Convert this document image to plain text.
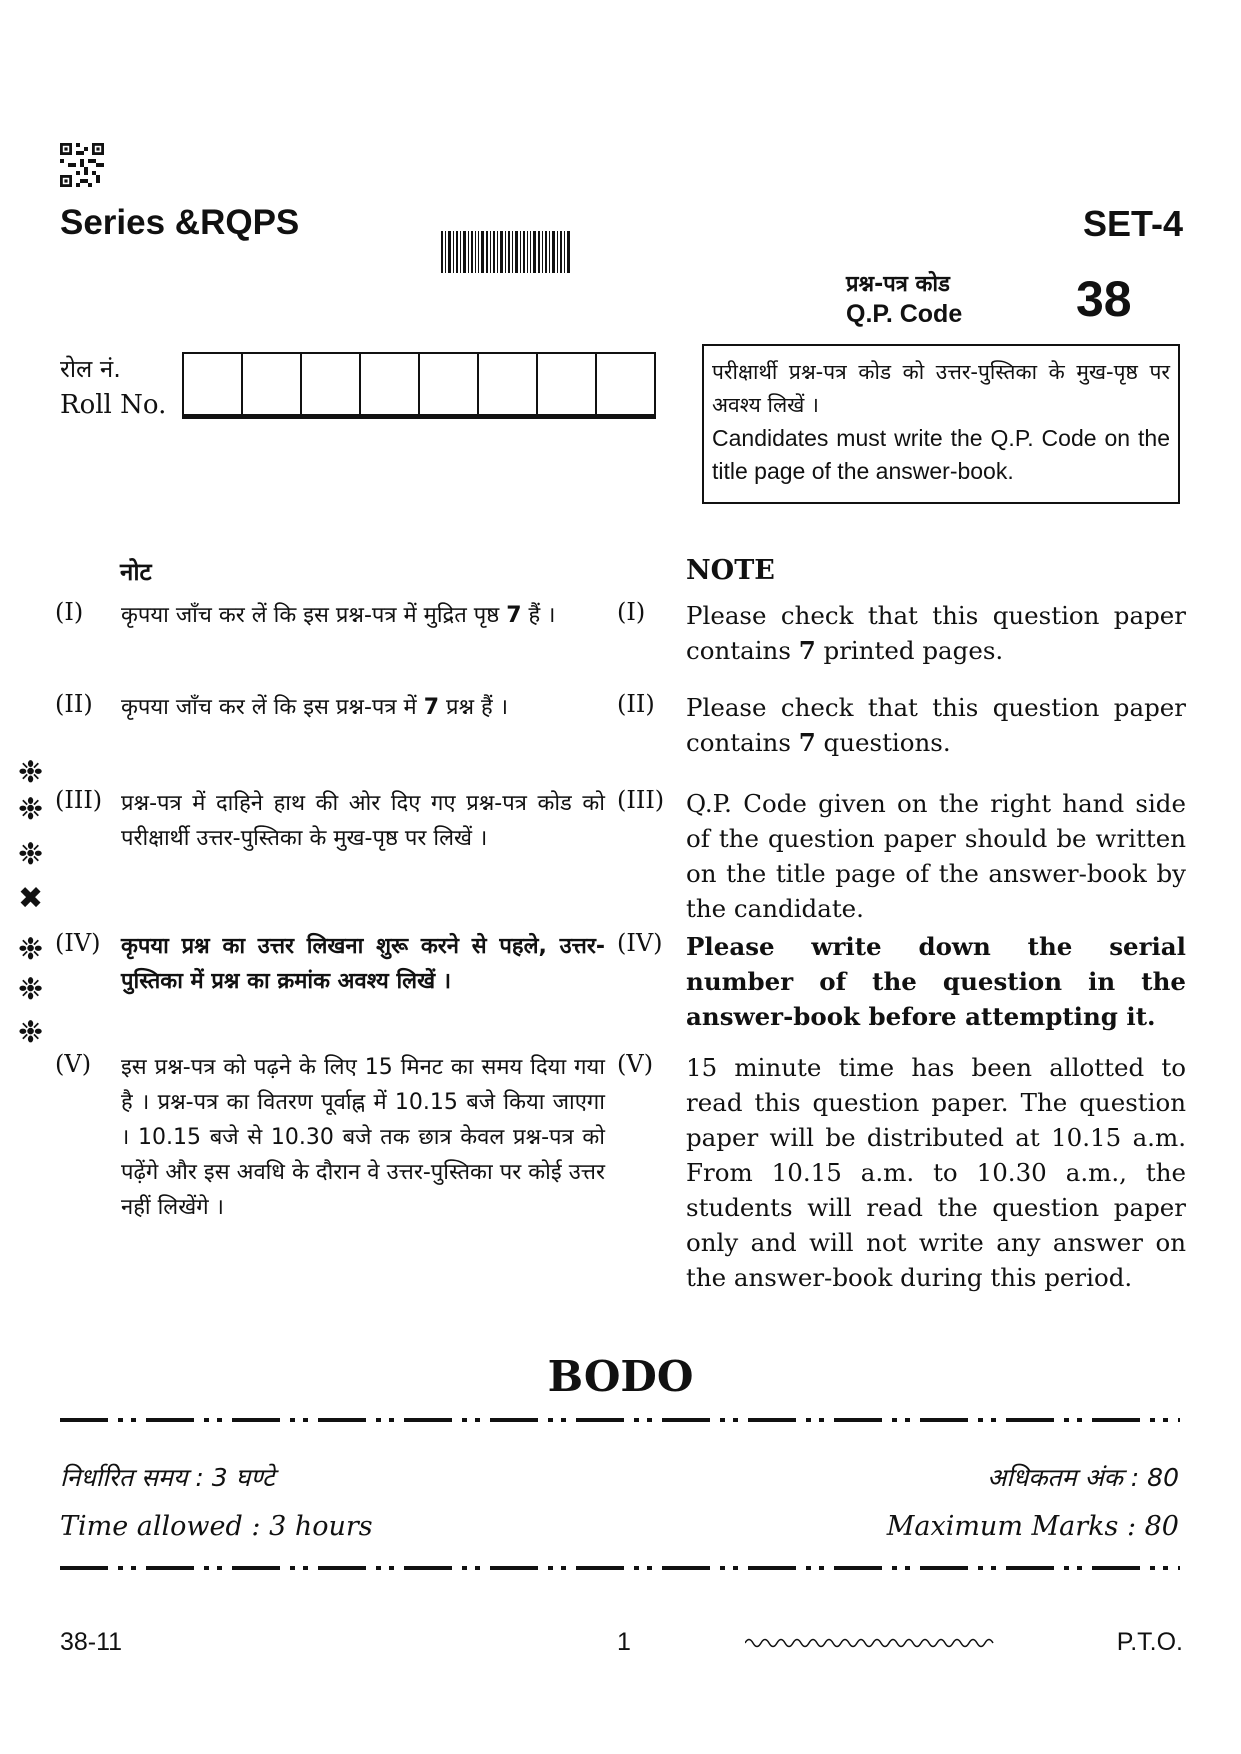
Series &RQPS	SET-4
प्रश्न-पत्र कोड
Q.P. Code 38
रोल नं.
Roll No.
परीक्षार्थी प्रश्न-पत्र कोड को उत्तर-पुस्तिका के मुख-पृष्ठ पर अवश्य लिखें ।
Candidates must write the Q.P. Code on the title page of the answer-book.
नोट	NOTE
(I) कृपया जाँच कर लें कि इस प्रश्न-पत्र में मुद्रित पृष्ठ 7 हैं ।	(I) Please check that this question paper contains 7 printed pages.
(II) कृपया जाँच कर लें कि इस प्रश्न-पत्र में 7 प्रश्न हैं ।	(II) Please check that this question paper contains 7 questions.
(III) प्रश्न-पत्र में दाहिने हाथ की ओर दिए गए प्रश्न-पत्र कोड को परीक्षार्थी उत्तर-पुस्तिका के मुख-पृष्ठ पर लिखें ।
(III) Q.P. Code given on the right hand side of the question paper should be written on the title page of the answer-book by the candidate.
(IV) कृपया प्रश्न का उत्तर लिखना शुरू करने से पहले, उत्तर-पुस्तिका में प्रश्न का क्रमांक अवश्य लिखें ।
(IV) Please write down the serial number of the question in the answer-book before attempting it.
(V) इस प्रश्न-पत्र को पढ़ने के लिए 15 मिनट का समय दिया गया है । प्रश्न-पत्र का वितरण पूर्वाह्न में 10.15 बजे किया जाएगा । 10.15 बजे से 10.30 बजे तक छात्र केवल प्रश्न-पत्र को पढ़ेंगे और इस अवधि के दौरान वे उत्तर-पुस्तिका पर कोई उत्तर नहीं लिखेंगे ।
(V) 15 minute time has been allotted to read this question paper. The question paper will be distributed at 10.15 a.m. From 10.15 a.m. to 10.30 a.m., the students will read the question paper only and will not write any answer on the answer-book during this period.
❉
❉
❉
✖
❉
❉
❉
BODO
निर्धारित समय : 3 घण्टे	अधिकतम अंक : 80
Time allowed : 3 hours	Maximum Marks : 80
38-11	1	P.T.O.
